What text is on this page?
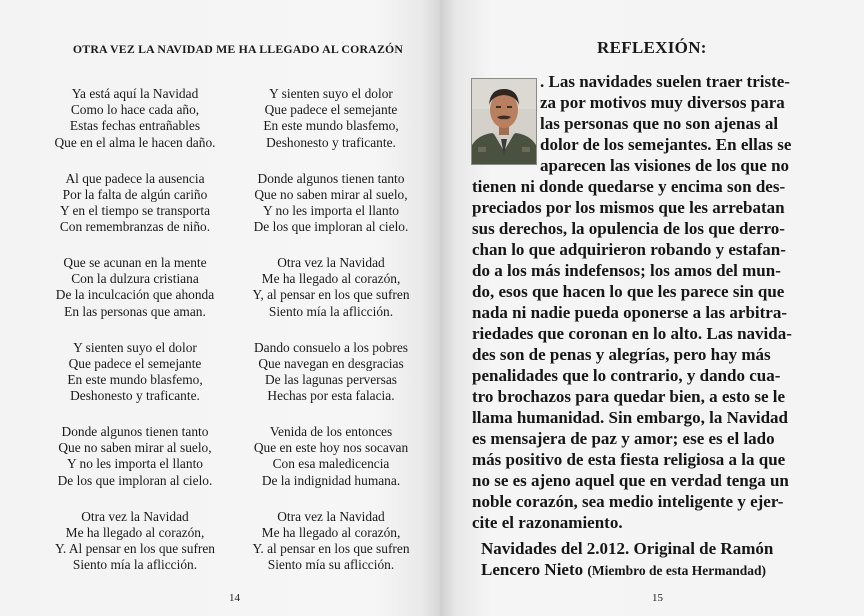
OTRA VEZ LA NAVIDAD ME HA LLEGADO AL CORAZÓN
Ya está aquí la Navidad
Como lo hace cada año,
Estas fechas entrañables
Que en el alma le hacen daño.
Al que padece la ausencia
Por la falta de algún cariño
Y en el tiempo se transporta
Con remembranzas de niño.
Que se acunan en la mente
Con la dulzura cristiana
De la inculcación que ahonda
En las personas que aman.
Y sienten suyo el dolor
Que padece el semejante
En este mundo blasfemo,
Deshonesto y traficante.
Donde algunos tienen tanto
Que no saben mirar al suelo,
Y no les importa el llanto
De los que imploran al cielo.
Otra vez la Navidad
Me ha llegado al corazón,
Y. Al pensar en los que sufren
Siento mía la aflicción.
Y sienten suyo el dolor
Que padece el semejante
En este mundo blasfemo,
Deshonesto y traficante.
Donde algunos tienen tanto
Que no saben mirar al suelo,
Y no les importa el llanto
De los que imploran al cielo.
Otra vez la Navidad
Me ha llegado al corazón,
Y, al pensar en los que sufren
Siento mía la aflicción.
Dando consuelo a los pobres
Que navegan en desgracias
De las lagunas perversas
Hechas por esta falacia.
Venida de los entonces
Que en este hoy nos socavan
Con esa maledicencia
De la indignidad humana.
Otra vez la Navidad
Me ha llegado al corazón,
Y. al pensar en los que sufren
Siento mía su aflicción.
14
REFLEXIÓN:
. Las navidades suelen traer triste-
za por motivos muy diversos para
las personas que no son ajenas al
dolor de los semejantes. En ellas se
aparecen las visiones de los que no
tienen ni donde quedarse y encima son des-
preciados por los mismos que les arrebatan
sus derechos, la opulencia de los que derro-
chan lo que adquirieron robando y estafan-
do a los más indefensos; los amos del mun-
do, esos que hacen lo que les parece sin que
nada ni nadie pueda oponerse a las arbitra-
riedades que coronan en lo alto. Las navida-
des son de penas y alegrías, pero hay más
penalidades que lo contrario, y dando cua-
tro brochazos para quedar bien, a esto se le
llama humanidad. Sin embargo, la Navidad
es mensajera de paz y amor; ese es el lado
más positivo de esta fiesta religiosa a la que
no se es ajeno aquel que en verdad tenga un
noble corazón, sea medio inteligente y ejer-
cite el razonamiento.
Navidades del 2.012. Original de Ramón
Lencero Nieto (Miembro de esta Hermandad)
15
